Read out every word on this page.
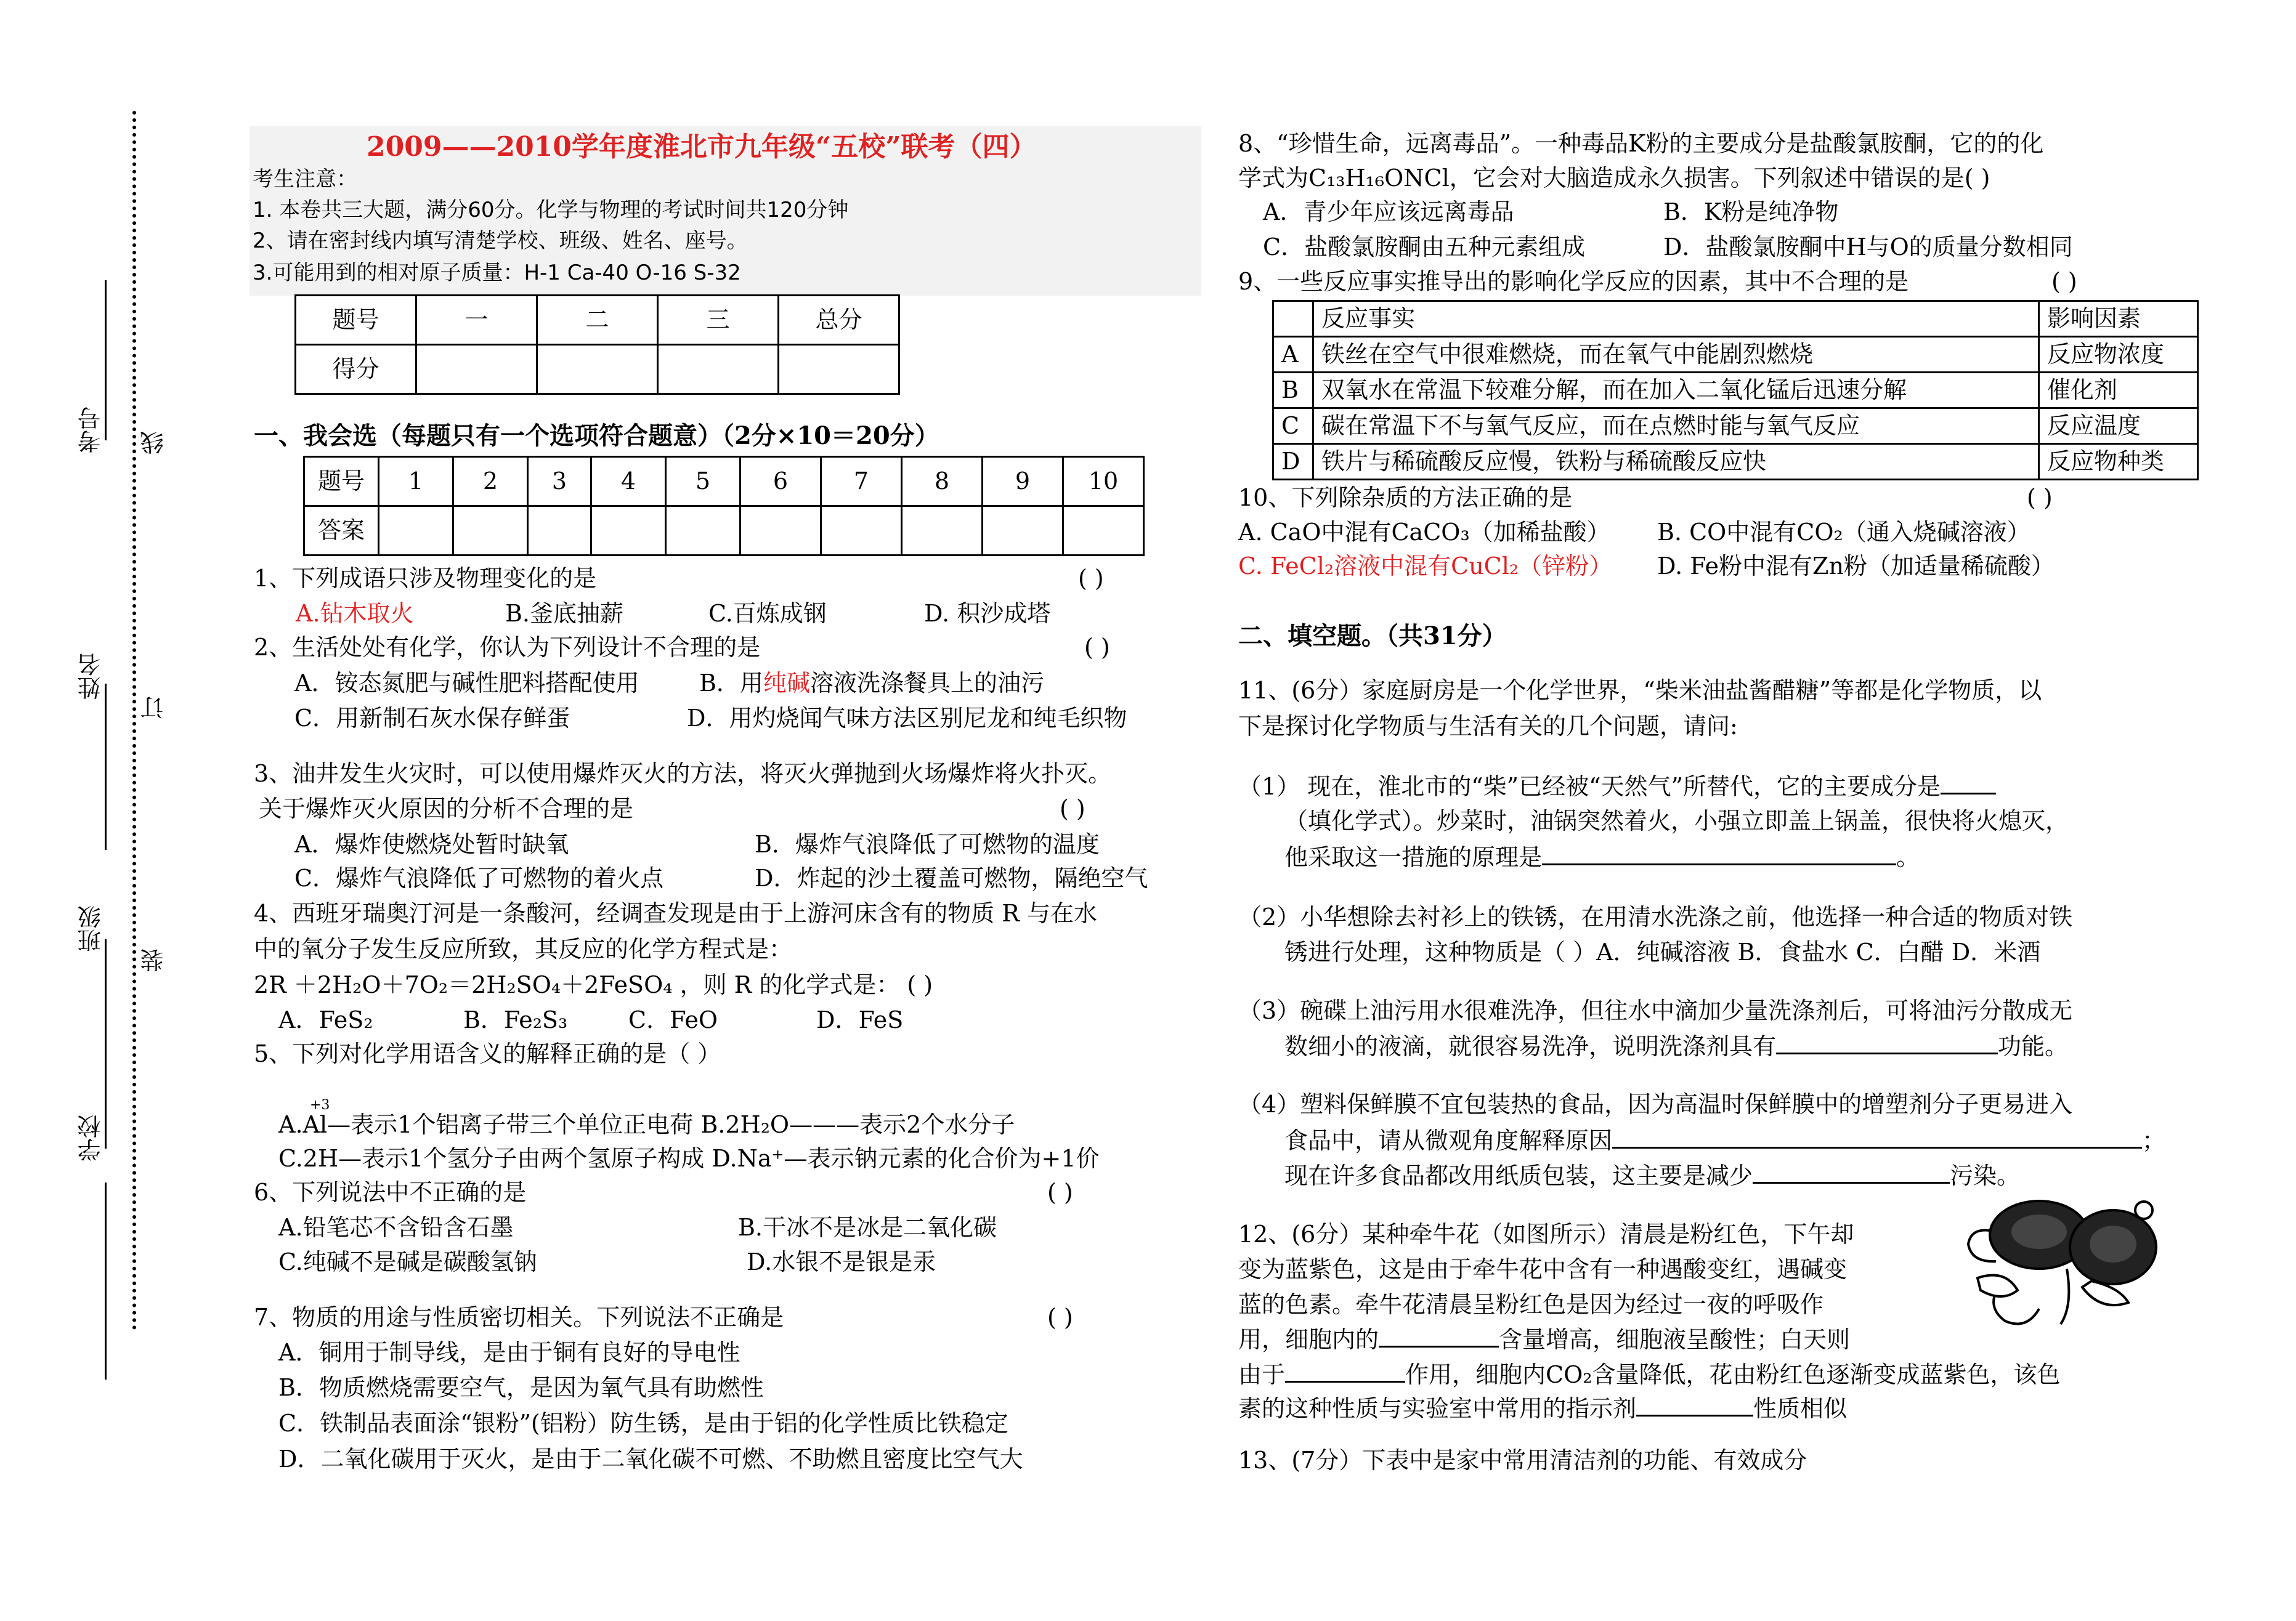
考号
姓名
班级
学校
线
订
装
2009——2010学年度淮北市九年级“五校”联考（四）
考生注意：
1. 本卷共三大题，满分60分。化学与物理的考试时间共120分钟
2、请在密封线内填写清楚学校、班级、姓名、座号。
3.可能用到的相对原子质量：H-1 Ca-40 O-16 S-32
题号	一	二	三	总分
得分				
一、我会选（每题只有一个选项符合题意）（2分×10＝20分）
题号	1	2	3	4	5	6	7	8	9	10
答案										
1、下列成语只涉及物理变化的是	( )
A.钻木取火	B.釜底抽薪	C.百炼成钢	D. 积沙成塔
2、生活处处有化学，你认为下列设计不合理的是	( )
A．铵态氮肥与碱性肥料搭配使用	B．用纯碱溶液洗涤餐具上的油污
C．用新制石灰水保存鲜蛋	D．用灼烧闻气味方法区别尼龙和纯毛织物
3、油井发生火灾时，可以使用爆炸灭火的方法，将灭火弹抛到火场爆炸将火扑灭。
关于爆炸灭火原因的分析不合理的是	( )
A．爆炸使燃烧处暂时缺氧	B．爆炸气浪降低了可燃物的温度
C．爆炸气浪降低了可燃物的着火点	D．炸起的沙土覆盖可燃物，隔绝空气
4、西班牙瑞奥汀河是一条酸河，经调查发现是由于上游河床含有的物质 R 与在水
中的氧分子发生反应所致，其反应的化学方程式是：
2R ＋2H₂O＋7O₂＝2H₂SO₄＋2FeSO₄ ，则 R 的化学式是： ( )
A．FeS₂	B．Fe₂S₃	C．FeO	D．FeS
5、下列对化学用语含义的解释正确的是（ ）
+3
A.Al—表示1个铝离子带三个单位正电荷 B.2H₂O———表示2个水分子
C.2H—表示1个氢分子由两个氢原子构成 D.Na⁺—表示钠元素的化合价为+1价
6、下列说法中不正确的是	( )
A.铅笔芯不含铅含石墨	B.干冰不是冰是二氧化碳
C.纯碱不是碱是碳酸氢钠	D.水银不是银是汞
7、物质的用途与性质密切相关。下列说法不正确是	( )
A．铜用于制导线，是由于铜有良好的导电性
B．物质燃烧需要空气，是因为氧气具有助燃性
C．铁制品表面涂“银粉”(铝粉）防生锈，是由于铝的化学性质比铁稳定
D．二氧化碳用于灭火，是由于二氧化碳不可燃、不助燃且密度比空气大
8、“珍惜生命，远离毒品”。一种毒品K粉的主要成分是盐酸氯胺酮，它的的化
学式为C₁₃H₁₆ONCl，它会对大脑造成永久损害。下列叙述中错误的是( )
A．青少年应该远离毒品	B．K粉是纯净物
C．盐酸氯胺酮由五种元素组成	D．盐酸氯胺酮中H与O的质量分数相同
9、一些反应事实推导出的影响化学反应的因素，其中不合理的是	( )
	反应事实	影响因素
A	铁丝在空气中很难燃烧，而在氧气中能剧烈燃烧	反应物浓度
B	双氧水在常温下较难分解，而在加入二氧化锰后迅速分解	催化剂
C	碳在常温下不与氧气反应，而在点燃时能与氧气反应	反应温度
D	铁片与稀硫酸反应慢，铁粉与稀硫酸反应快	反应物种类
10、下列除杂质的方法正确的是	( )
A. CaO中混有CaCO₃（加稀盐酸） B. CO中混有CO₂（通入烧碱溶液）
C. FeCl₂溶液中混有CuCl₂（锌粉） D. Fe粉中混有Zn粉（加适量稀硫酸）
二、填空题。（共31分）
11、(6分）家庭厨房是一个化学世界，“柴米油盐酱醋糖”等都是化学物质，以
下是探讨化学物质与生活有关的几个问题，请问:
（1） 现在，淮北市的“柴”已经被“天然气”所替代，它的主要成分是
（填化学式）。炒菜时，油锅突然着火，小强立即盖上锅盖，很快将火熄灭，
他采取这一措施的原理是	。
（2）小华想除去衬衫上的铁锈，在用清水洗涤之前，他选择一种合适的物质对铁
锈进行处理，这种物质是（ ）A．纯碱溶液 B．食盐水 C．白醋 D．米酒
（3）碗碟上油污用水很难洗净，但往水中滴加少量洗涤剂后，可将油污分散成无
数细小的液滴，就很容易洗净，说明洗涤剂具有	功能。
（4）塑料保鲜膜不宜包装热的食品，因为高温时保鲜膜中的增塑剂分子更易进入
食品中，请从微观角度解释原因	；
现在许多食品都改用纸质包装，这主要是减少	污染。
12、(6分）某种牵牛花（如图所示）清晨是粉红色，下午却
变为蓝紫色，这是由于牵牛花中含有一种遇酸变红，遇碱变
蓝的色素。牵牛花清晨呈粉红色是因为经过一夜的呼吸作
用，细胞内的	含量增高，细胞液呈酸性；白天则
由于	作用，细胞内CO₂含量降低，花由粉红色逐渐变成蓝紫色，该色
素的这种性质与实验室中常用的指示剂	性质相似
13、(7分）下表中是家中常用清洁剂的功能、有效成分
